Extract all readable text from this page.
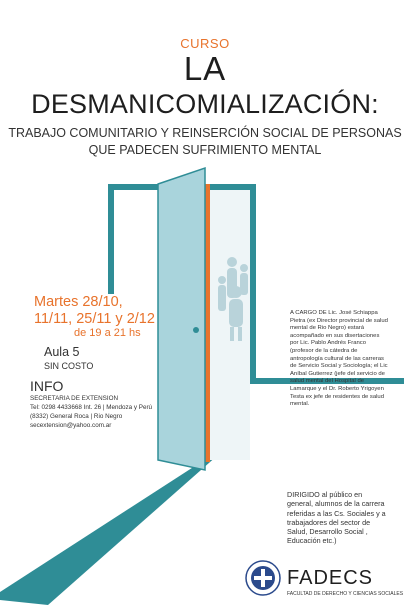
CURSO
LA
DESMANICOMIALIZACIÓN:
TRABAJO COMUNITARIO Y REINSERCIÓN SOCIAL DE PERSONAS
QUE PADECEN SUFRIMIENTO MENTAL
Martes 28/10,
11/11, 25/11 y 2/12
de 19 a 21 hs
Aula 5
SIN COSTO
INFO
SECRETARIA DE EXTENSION
Tel: 0298 4433668 Int. 26 | Mendoza y Perú
(8332) General Roca | Rio Negro
secextension@yahoo.com.ar
A CARGO DE Lic. José Schiappa Pietra (ex Director provincial de salud mental de Rio Negro) estará acompañado en sus disertaciones por Lic. Pablo Andrés Franco (profesor de la cátedra de antropología cultural de las carreras de Servicio Social y Sociología; el Lic Aníbal Gutierrez (jefe del servicio de salud mental del Hospital de Lamarque y el Dr. Roberto Yrigoyen Testa ex jefe de residentes de salud mental.
DIRIGIDO al público en general, alumnos de la carrera referidas a las Cs. Sociales y a trabajadores del sector de Salud, Desarrollo Social , Educación etc.)
FADECS
FACULTAD DE DERECHO Y CIENCIAS SOCIALES
